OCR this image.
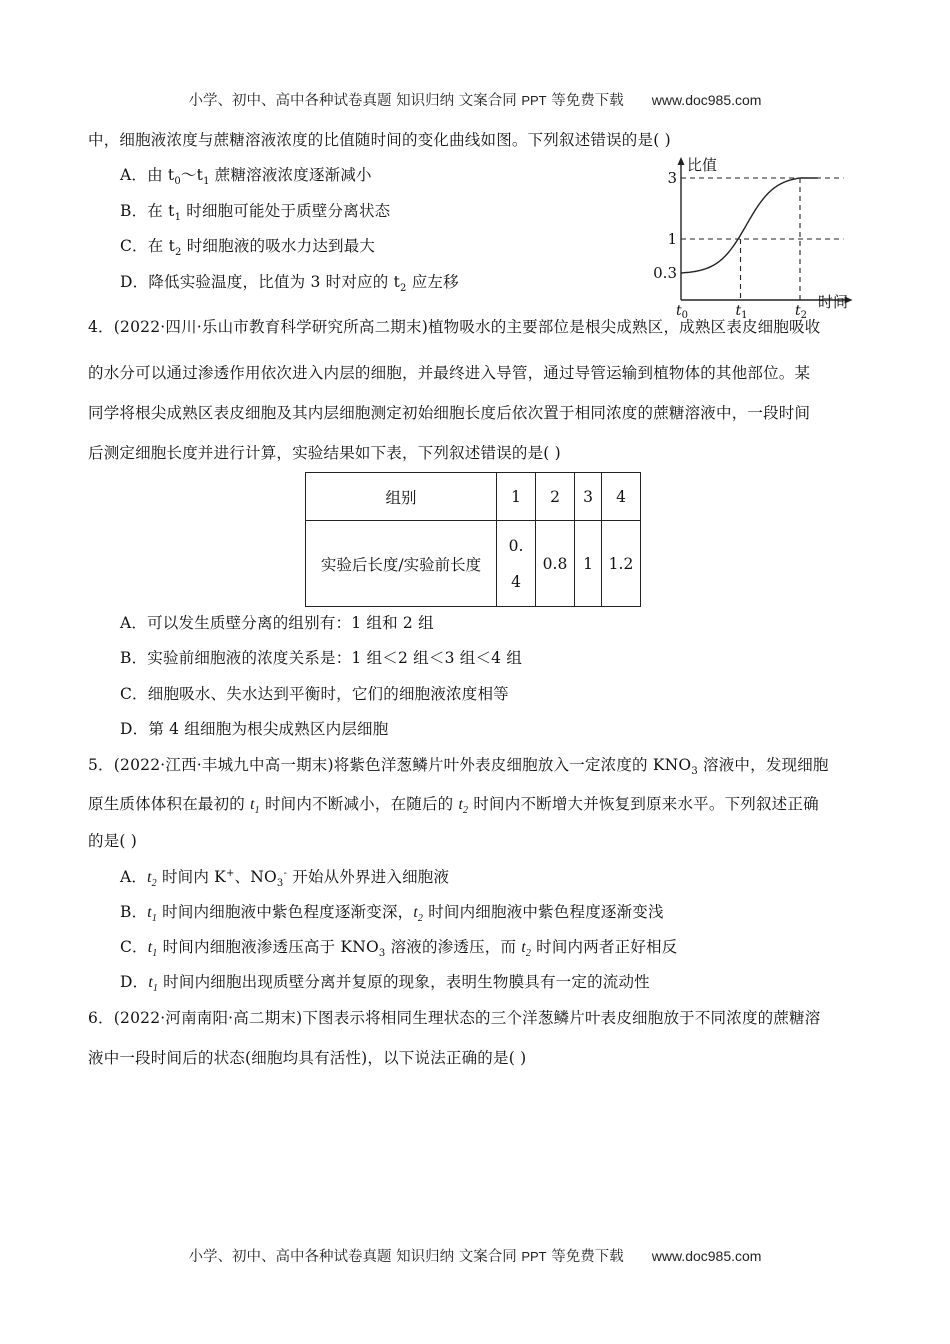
小学、初中、高中各种试卷真题 知识归纳 文案合同 PPT 等免费下载 www.doc985.com
中，细胞液浓度与蔗糖溶液浓度的比值随时间的变化曲线如图。下列叙述错误的是( )
A．由 $t_0\sim t_1$ 蔗糖溶液浓度逐渐减小
B．在 $t_1$ 时细胞可能处于质壁分离状态
C．在 $t_2$ 时细胞液的吸水力达到最大
D．降低实验温度，比值为 3 时对应的 $t_2$ 应左移
比值
时间
3
1
0.3
$t_0$	$t_1$	$t_2$
4．(2022·四川·乐山市教育科学研究所高二期末)植物吸水的主要部位是根尖成熟区，成熟区表皮细胞吸收
的水分可以通过渗透作用依次进入内层的细胞，并最终进入导管，通过导管运输到植物体的其他部位。某
同学将根尖成熟区表皮细胞及其内层细胞测定初始细胞长度后依次置于相同浓度的蔗糖溶液中，一段时间
后测定细胞长度并进行计算，实验结果如下表，下列叙述错误的是( )
组别	1	2	3	4
实验后长度/实验前长度	0.
4	0.8	1	1.2
A．可以发生质壁分离的组别有：1 组和 2 组
B．实验前细胞液的浓度关系是：1 组＜2 组＜3 组＜4 组
C．细胞吸水、失水达到平衡时，它们的细胞液浓度相等
D．第 4 组细胞为根尖成熟区内层细胞
5．(2022·江西·丰城九中高一期末)将紫色洋葱鳞片叶外表皮细胞放入一定浓度的 $KNO_3$ 溶液中，发现细胞
原生质体体积在最初的 $t_1$ 时间内不断减小，在随后的 $t_2$ 时间内不断增大并恢复到原来水平。下列叙述正确
的是( )
A．$t_2$ 时间内 K+、$NO_3^-$ 开始从外界进入细胞液
B．$t_1$ 时间内细胞液中紫色程度逐渐变深，$t_2$ 时间内细胞液中紫色程度逐渐变浅
C．$t_1$ 时间内细胞液渗透压高于 $KNO_3$ 溶液的渗透压，而 $t_2$ 时间内两者正好相反
D．$t_1$ 时间内细胞出现质壁分离并复原的现象，表明生物膜具有一定的流动性
6．(2022·河南南阳·高二期末)下图表示将相同生理状态的三个洋葱鳞片叶表皮细胞放于不同浓度的蔗糖溶
液中一段时间后的状态(细胞均具有活性)，以下说法正确的是( )
小学、初中、高中各种试卷真题 知识归纳 文案合同 PPT 等免费下载 www.doc985.com
